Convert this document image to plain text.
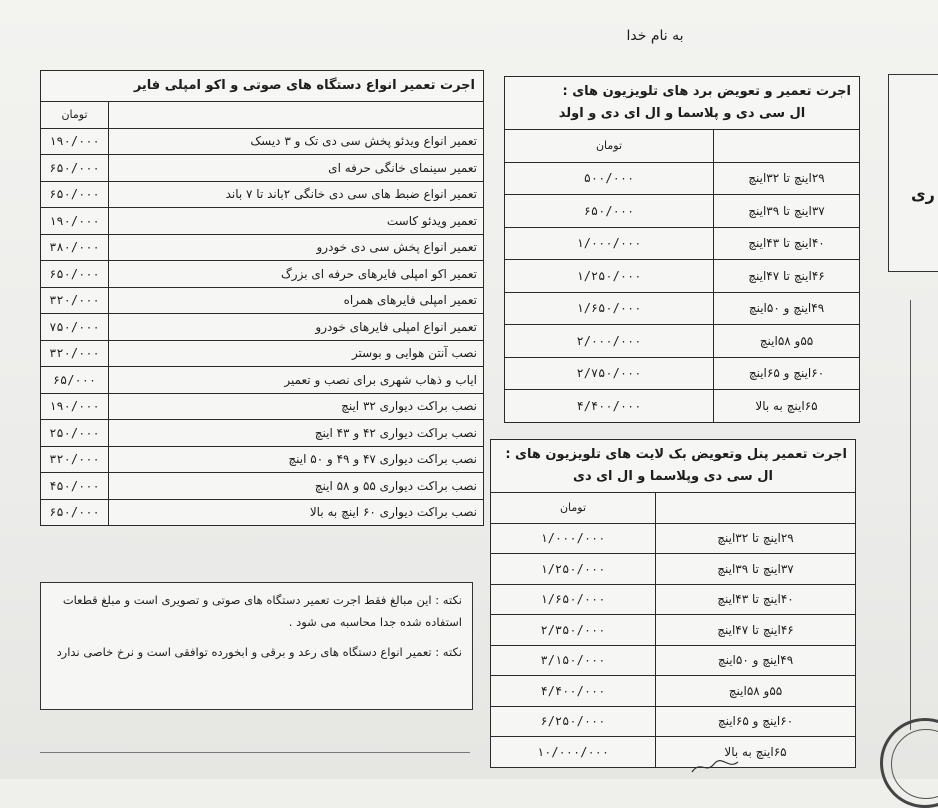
به نام خدا
اجرت تعمیر انواع دستگاه های صوتی و اکو امپلی فایر	
	تومان
تعمیر انواع ویدئو پخش سی دی تک و ۳ دیسک	۱۹۰/۰۰۰
تعمیر سینمای خانگی حرفه ای	۶۵۰/۰۰۰
تعمیر انواع ضبط های سی دی خانگی ۲باند تا ۷ باند	۶۵۰/۰۰۰
تعمیر ویدئو کاست	۱۹۰/۰۰۰
تعمیر انواع پخش سی دی خودرو	۳۸۰/۰۰۰
تعمیر اکو امپلی فایرهای حرفه ای بزرگ	۶۵۰/۰۰۰
تعمیر امپلی فایرهای همراه	۳۲۰/۰۰۰
تعمیر انواع امپلی فایرهای خودرو	۷۵۰/۰۰۰
نصب آنتن هوایی و بوستر	۳۲۰/۰۰۰
ایاب و ذهاب شهری برای نصب و تعمیر	۶۵/۰۰۰
نصب براکت دیواری ۳۲ اینچ	۱۹۰/۰۰۰
نصب براکت دیواری ۴۲ و ۴۳ اینچ	۲۵۰/۰۰۰
نصب براکت دیواری ۴۷ و ۴۹ و ۵۰ اینچ	۳۲۰/۰۰۰
نصب براکت دیواری ۵۵ و ۵۸ اینچ	۴۵۰/۰۰۰
نصب براکت دیواری ۶۰ اینچ به بالا	۶۵۰/۰۰۰
اجرت تعمیر و تعویض برد های تلویزیون های :
ال سی دی و پلاسما و ال ای دی و اولد	

	تومان
۲۹اینچ تا ۳۲اینچ	۵۰۰/۰۰۰
۳۷اینچ تا ۳۹اینچ	۶۵۰/۰۰۰
۴۰اینچ تا ۴۳اینچ	۱/۰۰۰/۰۰۰
۴۶اینچ تا ۴۷اینچ	۱/۲۵۰/۰۰۰
۴۹اینچ و ۵۰اینچ	۱/۶۵۰/۰۰۰
۵۵و ۵۸اینچ	۲/۰۰۰/۰۰۰
۶۰اینچ و ۶۵اینچ	۲/۷۵۰/۰۰۰
۶۵اینچ به بالا	۴/۴۰۰/۰۰۰
اجرت تعمیر پنل وتعویض بک لایت های تلویزیون های :
ال سی دی وپلاسما و ال ای دی	

	تومان
۲۹اینچ تا ۳۲اینچ	۱/۰۰۰/۰۰۰
۳۷اینچ تا ۳۹اینچ	۱/۲۵۰/۰۰۰
۴۰اینچ تا ۴۳اینچ	۱/۶۵۰/۰۰۰
۴۶اینچ تا ۴۷اینچ	۲/۳۵۰/۰۰۰
۴۹اینچ و ۵۰اینچ	۳/۱۵۰/۰۰۰
۵۵و ۵۸اینچ	۴/۴۰۰/۰۰۰
۶۰اینچ و ۶۵اینچ	۶/۲۵۰/۰۰۰
۶۵اینچ به بالا	۱۰/۰۰۰/۰۰۰

نکته : این مبالغ فقط اجرت تعمیر دستگاه های صوتی و تصویری است و مبلغ قطعات استفاده شده جدا محاسبه می شود .

نکته : تعمیر انواع دستگاه های رعد و برقی و ابخورده توافقی است و نرخ خاصی ندارد

ری
